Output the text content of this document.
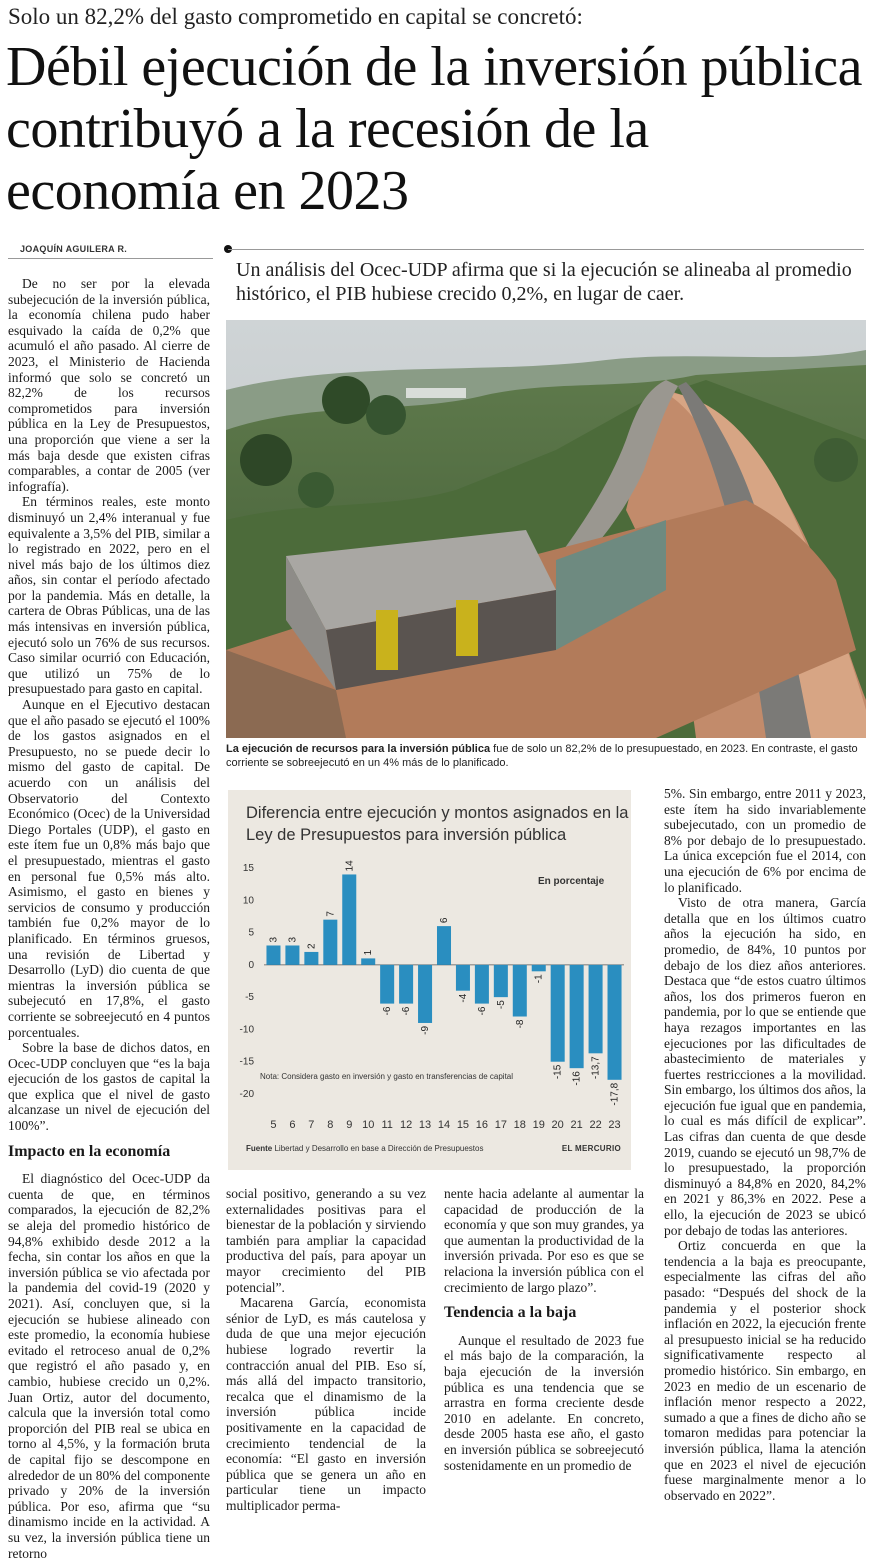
Solo un 82,2% del gasto comprometido en capital se concretó:
Débil ejecución de la inversión pública contribuyó a la recesión de la economía en 2023
JOAQUÍN AGUILERA R.
Un análisis del Ocec-UDP afirma que si la ejecución se alineaba al promedio histórico, el PIB hubiese crecido 0,2%, en lugar de caer.
La ejecución de recursos para la inversión pública fue de solo un 82,2% de lo presupuestado, en 2023. En contraste, el gasto corriente se sobreejecutó en un 4% más de lo planificado.

De no ser por la elevada subejecución de la inversión pública, la economía chilena pudo haber esquivado la caída de 0,2% que acumuló el año pasado. Al cierre de 2023, el Ministerio de Hacienda informó que solo se concretó un 82,2% de los recursos comprometidos para inversión pública en la Ley de Presupuestos, una proporción que viene a ser la más baja desde que existen cifras comparables, a contar de 2005 (ver infografía).

En términos reales, este monto disminuyó un 2,4% interanual y fue equivalente a 3,5% del PIB, similar a lo registrado en 2022, pero en el nivel más bajo de los últimos diez años, sin contar el período afectado por la pandemia. Más en detalle, la cartera de Obras Públicas, una de las más intensivas en inversión pública, ejecutó solo un 76% de sus recursos. Caso similar ocurrió con Educación, que utilizó un 75% de lo presupuestado para gasto en capital.

Aunque en el Ejecutivo destacan que el año pasado se ejecutó el 100% de los gastos asignados en el Presupuesto, no se puede decir lo mismo del gasto de capital. De acuerdo con un análisis del Observatorio del Contexto Económico (Ocec) de la Universidad Diego Portales (UDP), el gasto en este ítem fue un 0,8% más bajo que el presupuestado, mientras el gasto en personal fue 0,5% más alto. Asimismo, el gasto en bienes y servicios de consumo y producción también fue 0,2% mayor de lo planificado. En términos gruesos, una revisión de Libertad y Desarrollo (LyD) dio cuenta de que mientras la inversión pública se subejecutó en 17,8%, el gasto corriente se sobreejecutó en 4 puntos porcentuales.

Sobre la base de dichos datos, en Ocec-UDP concluyen que “es la baja ejecución de los gastos de capital la que explica que el nivel de gasto alcanzase un nivel de ejecución del 100%”.

Impacto en la economía

El diagnóstico del Ocec-UDP da cuenta de que, en términos comparados, la ejecución de 82,2% se aleja del promedio histórico de 94,8% exhibido desde 2012 a la fecha, sin contar los años en que la inversión pública se vio afectada por la pandemia del covid-19 (2020 y 2021). Así, concluyen que, si la ejecución se hubiese alineado con este promedio, la economía hubiese evitado el retroceso anual de 0,2% que registró el año pasado y, en cambio, hubiese crecido un 0,2%. Juan Ortiz, autor del documento, calcula que la inversión total como proporción del PIB real se ubica en torno al 4,5%, y la formación bruta de capital fijo se descompone en alrededor de un 80% del componente privado y 20% de la inversión pública. Por eso, afirma que “su dinamismo incide en la actividad. A su vez, la inversión pública tiene un retorno

Diferencia entre ejecución y montos asignados en la Ley de Presupuestos para inversión pública
En porcentaje
15
10
5
0
-5
-10
-15
-20
3
5
3
6
2
7
7
8
14
9
1
10
-6
11
-6
12
-9
13
6
14
-4
15
-6
16
-5
17
-8
18
-1
19
-15
20
-16
21
-13,7
22
-17,8
23
Nota: Considera gasto en inversión y gasto en transferencias de capital
Fuente Libertad y Desarrollo en base a Dirección de Presupuestos	EL MERCURIO

social positivo, generando a su vez externalidades positivas para el bienestar de la población y sirviendo también para ampliar la capacidad productiva del país, para apoyar un mayor crecimiento del PIB potencial”.

Macarena García, economista sénior de LyD, es más cautelosa y duda de que una mejor ejecución hubiese logrado revertir la contracción anual del PIB. Eso sí, más allá del impacto transitorio, recalca que el dinamismo de la inversión pública incide positivamente en la capacidad de crecimiento tendencial de la economía: “El gasto en inversión pública que se genera un año en particular tiene un impacto multiplicador perma-

nente hacia adelante al aumentar la capacidad de producción de la economía y que son muy grandes, ya que aumentan la productividad de la inversión privada. Por eso es que se relaciona la inversión pública con el crecimiento de largo plazo”.

Tendencia a la baja

Aunque el resultado de 2023 fue el más bajo de la comparación, la baja ejecución de la inversión pública es una tendencia que se arrastra en forma creciente desde 2010 en adelante. En concreto, desde 2005 hasta ese año, el gasto en inversión pública se sobreejecutó sostenidamente en un promedio de

5%. Sin embargo, entre 2011 y 2023, este ítem ha sido invariablemente subejecutado, con un promedio de 8% por debajo de lo presupuestado. La única excepción fue el 2014, con una ejecución de 6% por encima de lo planificado.

Visto de otra manera, García detalla que en los últimos cuatro años la ejecución ha sido, en promedio, de 84%, 10 puntos por debajo de los diez años anteriores. Destaca que “de estos cuatro últimos años, los dos primeros fueron en pandemia, por lo que se entiende que haya rezagos importantes en las ejecuciones por las dificultades de abastecimiento de materiales y fuertes restricciones a la movilidad. Sin embargo, los últimos dos años, la ejecución fue igual que en pandemia, lo cual es más difícil de explicar”. Las cifras dan cuenta de que desde 2019, cuando se ejecutó un 98,7% de lo presupuestado, la proporción disminuyó a 84,8% en 2020, 84,2% en 2021 y 86,3% en 2022. Pese a ello, la ejecución de 2023 se ubicó por debajo de todas las anteriores.

Ortiz concuerda en que la tendencia a la baja es preocupante, especialmente las cifras del año pasado: “Después del shock de la pandemia y el posterior shock inflación en 2022, la ejecución frente al presupuesto inicial se ha reducido significativamente respecto al promedio histórico. Sin embargo, en 2023 en medio de un escenario de inflación menor respecto a 2022, sumado a que a fines de dicho año se tomaron medidas para potenciar la inversión pública, llama la atención que en 2023 el nivel de ejecución fuese marginalmente menor a lo observado en 2022”.
